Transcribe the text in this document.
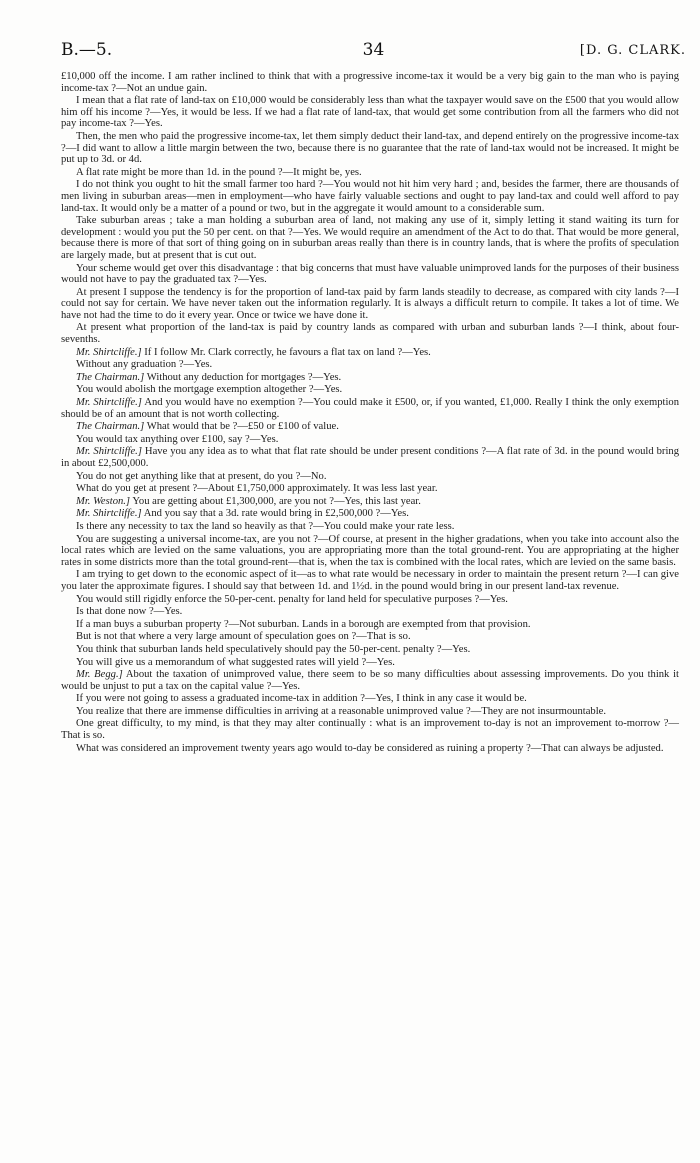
B.—5.	34	[D. G. CLARK.

£10,000 off the income. I am rather inclined to think that with a progressive income-tax it would be a very big gain to the man who is paying income-tax ?—Not an undue gain.

I mean that a flat rate of land-tax on £10,000 would be considerably less than what the taxpayer would save on the £500 that you would allow him off his income ?—Yes, it would be less. If we had a flat rate of land-tax, that would get some contribution from all the farmers who did not pay income-tax ?—Yes.

Then, the men who paid the progressive income-tax, let them simply deduct their land-tax, and depend entirely on the progressive income-tax ?—I did want to allow a little margin between the two, because there is no guarantee that the rate of land-tax would not be increased. It might be put up to 3d. or 4d.

A flat rate might be more than 1d. in the pound ?—It might be, yes.

I do not think you ought to hit the small farmer too hard ?—You would not hit him very hard ; and, besides the farmer, there are thousands of men living in suburban areas—men in employment—who have fairly valuable sections and ought to pay land-tax and could well afford to pay land-tax. It would only be a matter of a pound or two, but in the aggregate it would amount to a considerable sum.

Take suburban areas ; take a man holding a suburban area of land, not making any use of it, simply letting it stand waiting its turn for development : would you put the 50 per cent. on that ?—Yes. We would require an amendment of the Act to do that. That would be more general, because there is more of that sort of thing going on in suburban areas really than there is in country lands, that is where the profits of speculation are largely made, but at present that is cut out.

Your scheme would get over this disadvantage : that big concerns that must have valuable unimproved lands for the purposes of their business would not have to pay the graduated tax ?—Yes.

At present I suppose the tendency is for the proportion of land-tax paid by farm lands steadily to decrease, as compared with city lands ?—I could not say for certain. We have never taken out the information regularly. It is always a difficult return to compile. It takes a lot of time. We have not had the time to do it every year. Once or twice we have done it.

At present what proportion of the land-tax is paid by country lands as compared with urban and suburban lands ?—I think, about four-sevenths.

Mr. Shirtcliffe.] If I follow Mr. Clark correctly, he favours a flat tax on land ?—Yes.

Without any graduation ?—Yes.

The Chairman.] Without any deduction for mortgages ?—Yes.

You would abolish the mortgage exemption altogether ?—Yes.

Mr. Shirtcliffe.] And you would have no exemption ?—You could make it £500, or, if you wanted, £1,000. Really I think the only exemption should be of an amount that is not worth collecting.

The Chairman.] What would that be ?—£50 or £100 of value.

You would tax anything over £100, say ?—Yes.

Mr. Shirtcliffe.] Have you any idea as to what that flat rate should be under present conditions ?—A flat rate of 3d. in the pound would bring in about £2,500,000.

You do not get anything like that at present, do you ?—No.

What do you get at present ?—About £1,750,000 approximately. It was less last year.

Mr. Weston.] You are getting about £1,300,000, are you not ?—Yes, this last year.

Mr. Shirtcliffe.] And you say that a 3d. rate would bring in £2,500,000 ?—Yes.

Is there any necessity to tax the land so heavily as that ?—You could make your rate less.

You are suggesting a universal income-tax, are you not ?—Of course, at present in the higher gradations, when you take into account also the local rates which are levied on the same valuations, you are appropriating more than the total ground-rent. You are appropriating at the higher rates in some districts more than the total ground-rent—that is, when the tax is combined with the local rates, which are levied on the same basis.

I am trying to get down to the economic aspect of it—as to what rate would be necessary in order to maintain the present return ?—I can give you later the approximate figures. I should say that between 1d. and 1½d. in the pound would bring in our present land-tax revenue.

You would still rigidly enforce the 50-per-cent. penalty for land held for speculative purposes ?—Yes.

Is that done now ?—Yes.

If a man buys a suburban property ?—Not suburban. Lands in a borough are exempted from that provision.

But is not that where a very large amount of speculation goes on ?—That is so.

You think that suburban lands held speculatively should pay the 50-per-cent. penalty ?—Yes.

You will give us a memorandum of what suggested rates will yield ?—Yes.

Mr. Begg.] About the taxation of unimproved value, there seem to be so many difficulties about assessing improvements. Do you think it would be unjust to put a tax on the capital value ?—Yes.

If you were not going to assess a graduated income-tax in addition ?—Yes, I think in any case it would be.

You realize that there are immense difficulties in arriving at a reasonable unimproved value ?—They are not insurmountable.

One great difficulty, to my mind, is that they may alter continually : what is an improvement to-day is not an improvement to-morrow ?—That is so.

What was considered an improvement twenty years ago would to-day be considered as ruining a property ?—That can always be adjusted.
